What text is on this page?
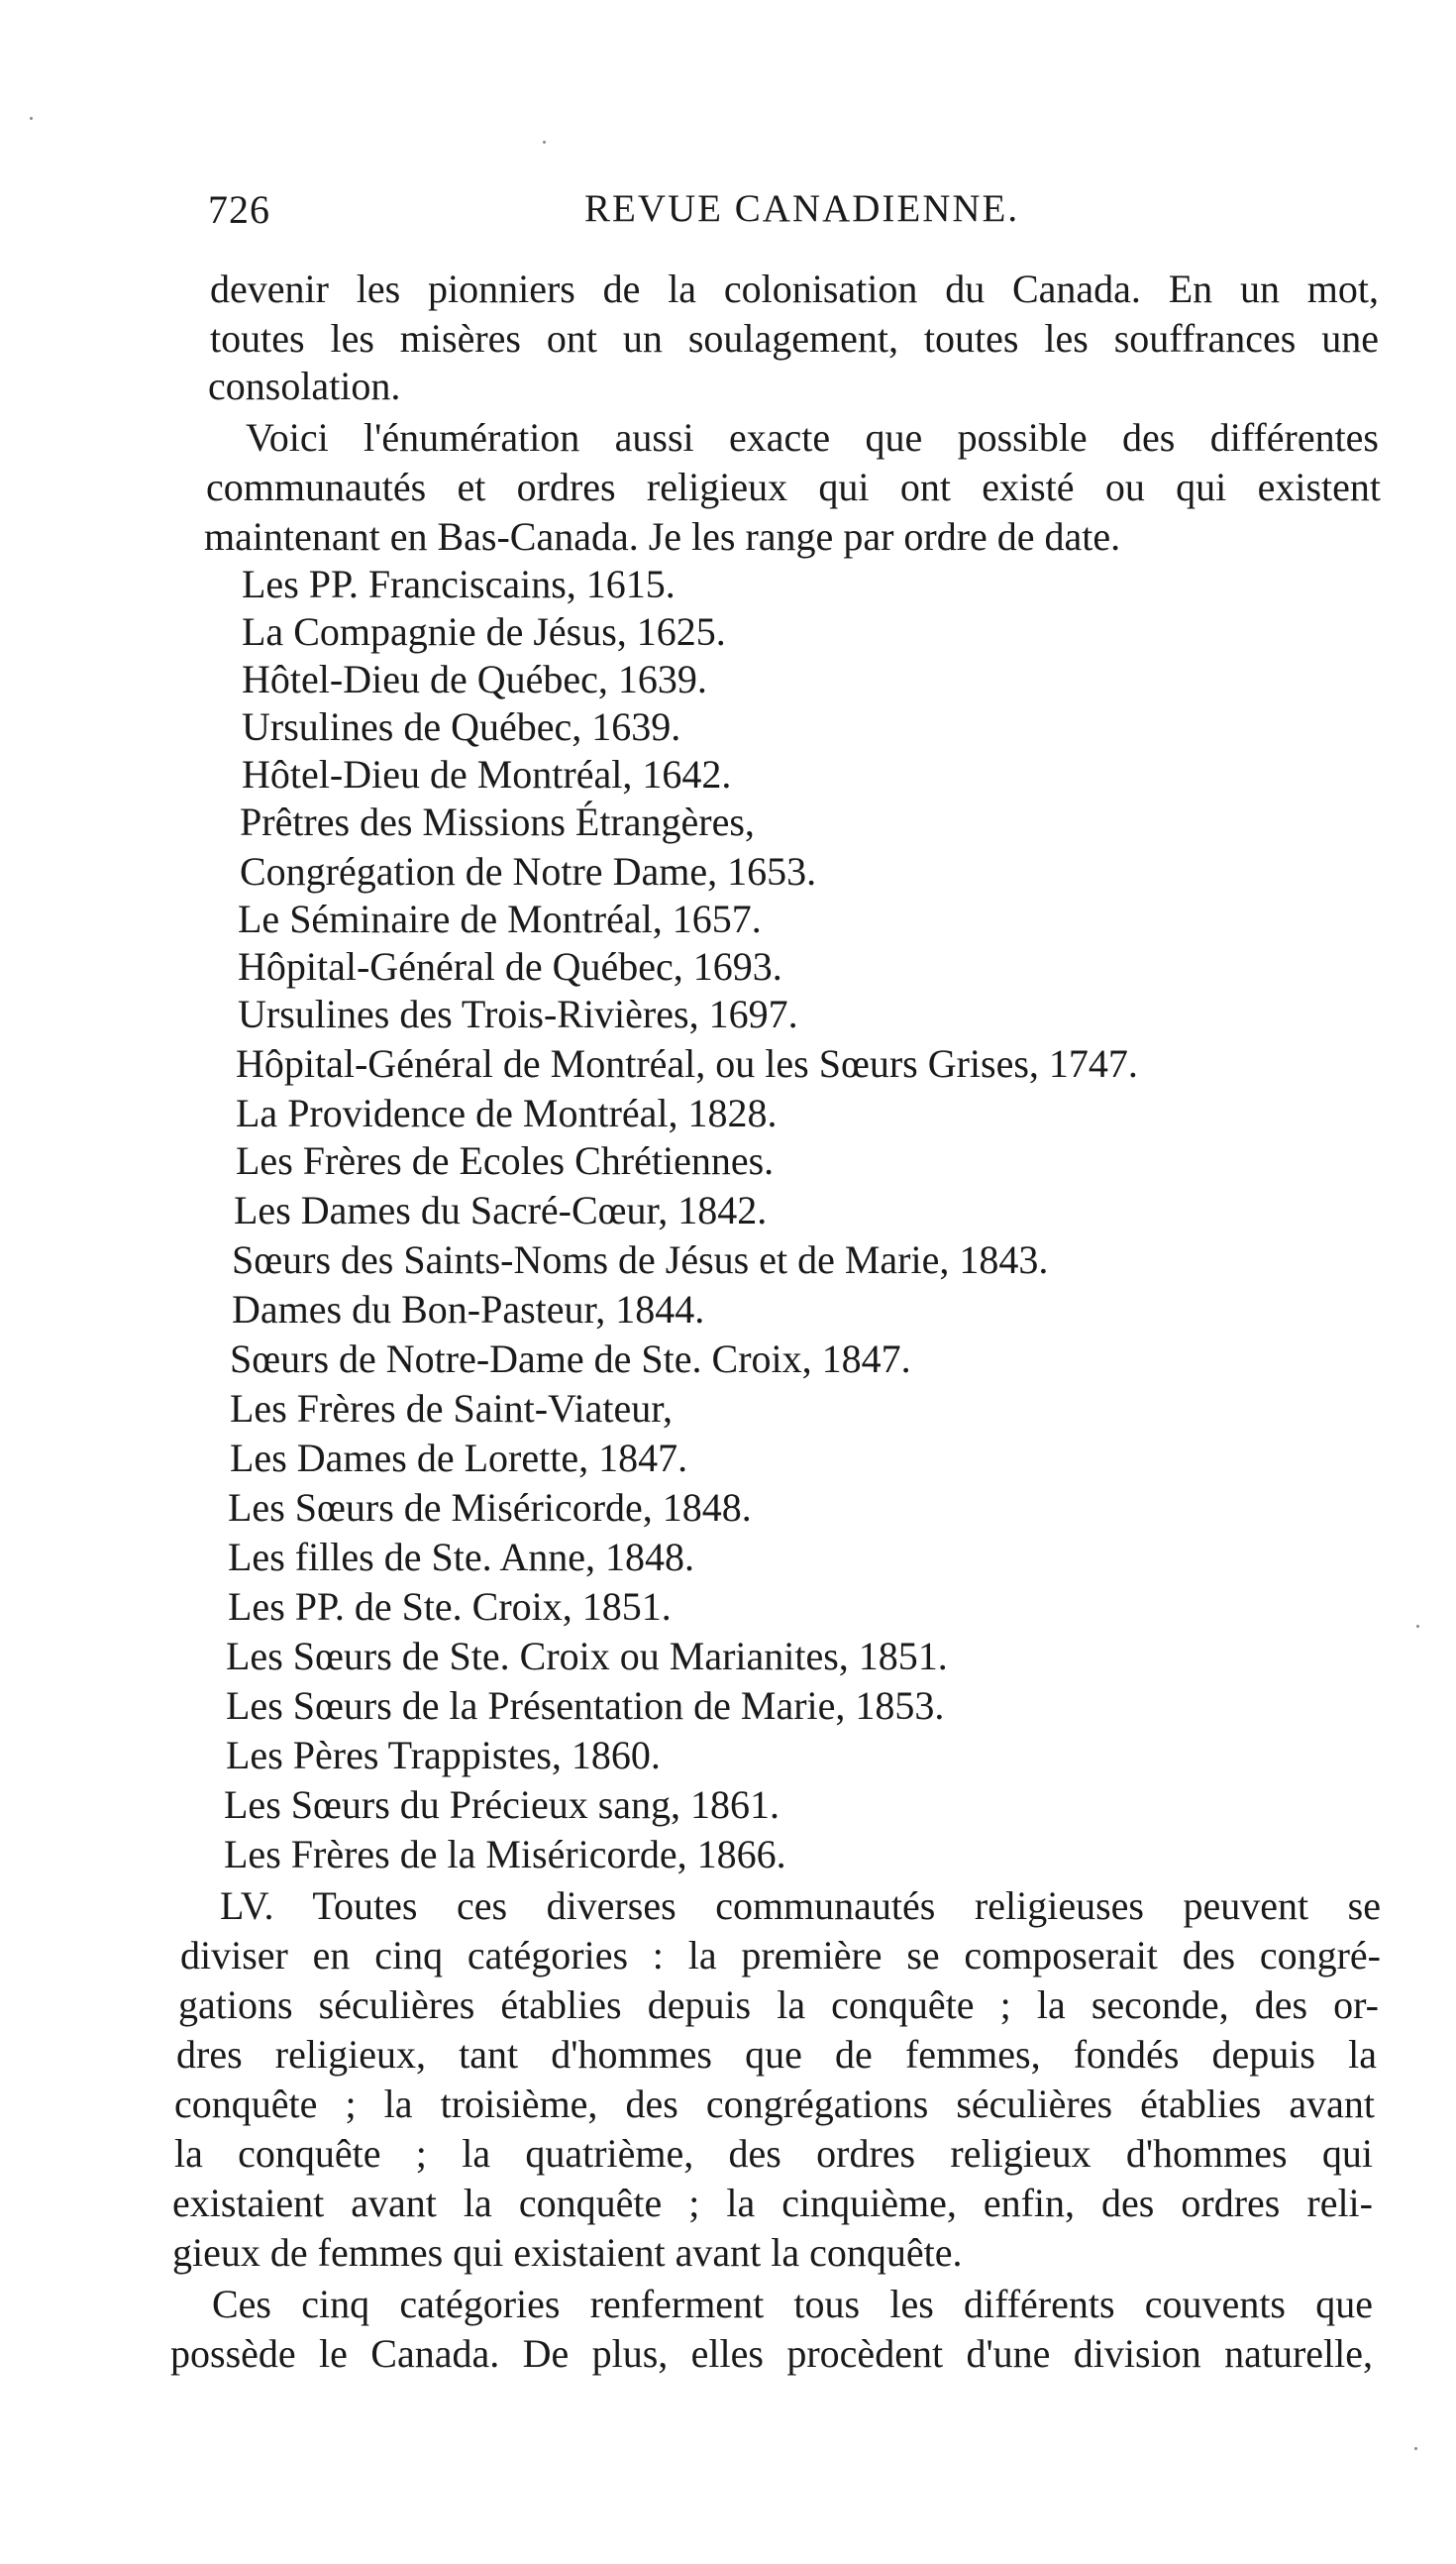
726	REVUE CANADIENNE.
devenir les pionniers de la colonisation du Canada. En un mot,
toutes les misères ont un soulagement, toutes les souffrances une
consolation.
Voici l'énumération aussi exacte que possible des différentes
communautés et ordres religieux qui ont existé ou qui existent
maintenant en Bas-Canada. Je les range par ordre de date.
Les PP. Franciscains, 1615.
La Compagnie de Jésus, 1625.
Hôtel-Dieu de Québec, 1639.
Ursulines de Québec, 1639.
Hôtel-Dieu de Montréal, 1642.
Prêtres des Missions Étrangères,
Congrégation de Notre Dame, 1653.
Le Séminaire de Montréal, 1657.
Hôpital-Général de Québec, 1693.
Ursulines des Trois-Rivières, 1697.
Hôpital-Général de Montréal, ou les Sœurs Grises, 1747.
La Providence de Montréal, 1828.
Les Frères de Ecoles Chrétiennes.
Les Dames du Sacré-Cœur, 1842.
Sœurs des Saints-Noms de Jésus et de Marie, 1843.
Dames du Bon-Pasteur, 1844.
Sœurs de Notre-Dame de Ste. Croix, 1847.
Les Frères de Saint-Viateur,
Les Dames de Lorette, 1847.
Les Sœurs de Miséricorde, 1848.
Les filles de Ste. Anne, 1848.
Les PP. de Ste. Croix, 1851.
Les Sœurs de Ste. Croix ou Marianites, 1851.
Les Sœurs de la Présentation de Marie, 1853.
Les Pères Trappistes, 1860.
Les Sœurs du Précieux sang, 1861.
Les Frères de la Miséricorde, 1866.
LV. Toutes ces diverses communautés religieuses peuvent se
diviser en cinq catégories : la première se composerait des congré-
gations séculières établies depuis la conquête ; la seconde, des or-
dres religieux, tant d'hommes que de femmes, fondés depuis la
conquête ; la troisième, des congrégations séculières établies avant
la conquête ; la quatrième, des ordres religieux d'hommes qui
existaient avant la conquête ; la cinquième, enfin, des ordres reli-
gieux de femmes qui existaient avant la conquête.
Ces cinq catégories renferment tous les différents couvents que
possède le Canada. De plus, elles procèdent d'une division naturelle,
